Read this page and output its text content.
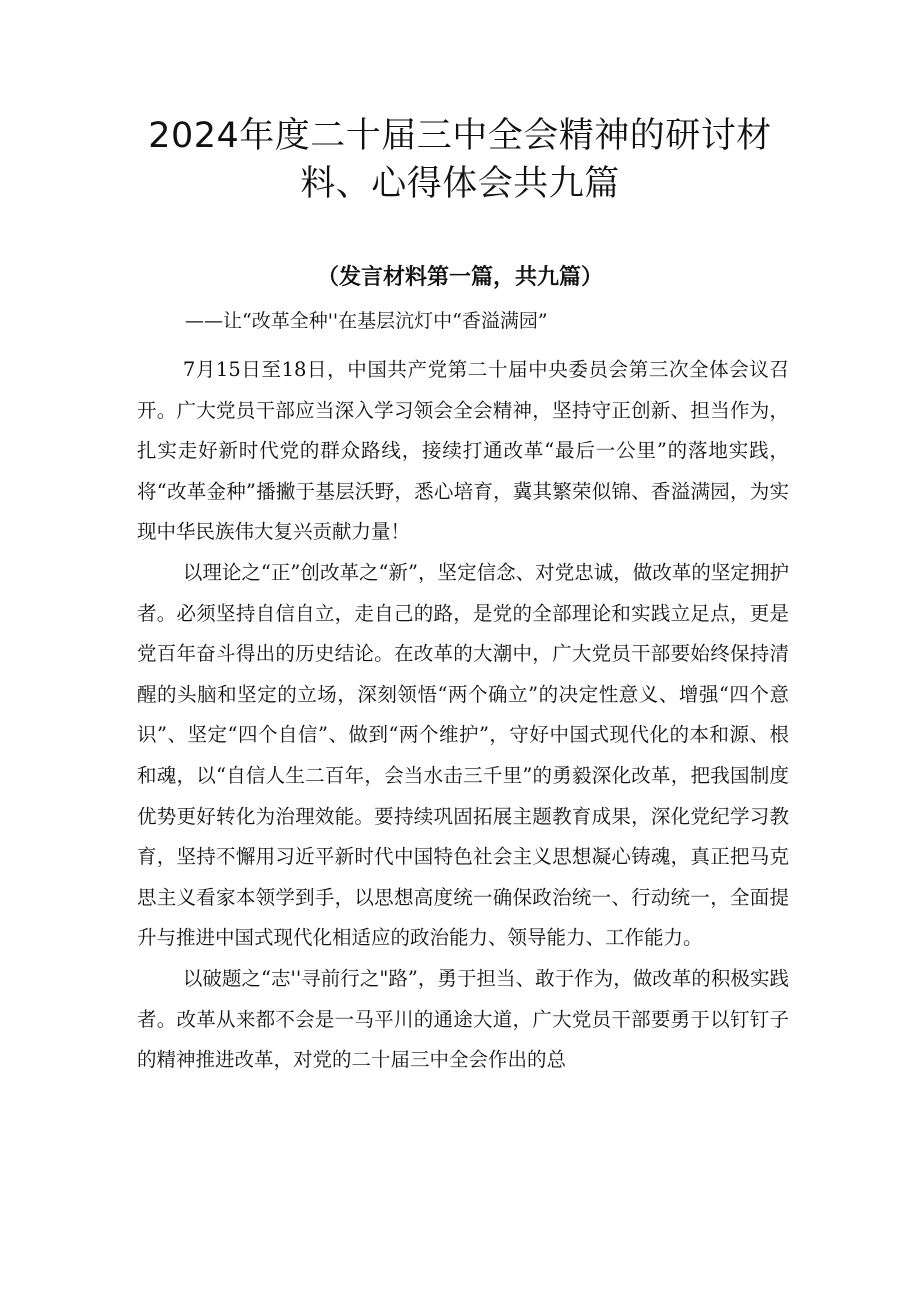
2024年度二十届三中全会精神的研讨材
料、心得体会共九篇
（发言材料第一篇，共九篇）
——让“改革全种''在基层沆灯中“香溢满园”

7月15日至18日，中国共产党第二十届中央委员会第三次全体会议召开。广大党员干部应当深入学习领会全会精神，坚持守正创新、担当作为，扎实走好新时代党的群众路线，接续打通改革“最后一公里”的落地实践，将“改革金种”播撇于基层沃野，悉心培育，冀其繁荣似锦、香溢满园，为实现中华民族伟大复兴贡献力量！

以理论之“正”创改革之“新”，坚定信念、对党忠诚，做改革的坚定拥护者。必须坚持自信自立，走自己的路，是党的全部理论和实践立足点，更是党百年奋斗得出的历史结论。在改革的大潮中，广大党员干部要始终保持清醒的头脑和坚定的立场，深刻领悟“两个确立”的决定性意义、增强“四个意识”、坚定“四个自信”、做到“两个维护”，守好中国式现代化的本和源、根和魂，以“自信人生二百年，会当水击三千里”的勇毅深化改革，把我国制度优势更好转化为治理效能。要持续巩固拓展主题教育成果，深化党纪学习教育，坚持不懈用习近平新时代中国特色社会主义思想凝心铸魂，真正把马克思主义看家本领学到手，以思想高度统一确保政治统一、行动统一，全面提升与推进中国式现代化相适应的政治能力、领导能力、工作能力。

以破题之“志''寻前行之"路”，勇于担当、敢于作为，做改革的积极实践者。改革从来都不会是一马平川的通途大道，广大党员干部要勇于以钉钉子的精神推进改革，对党的二十届三中全会作出的总
